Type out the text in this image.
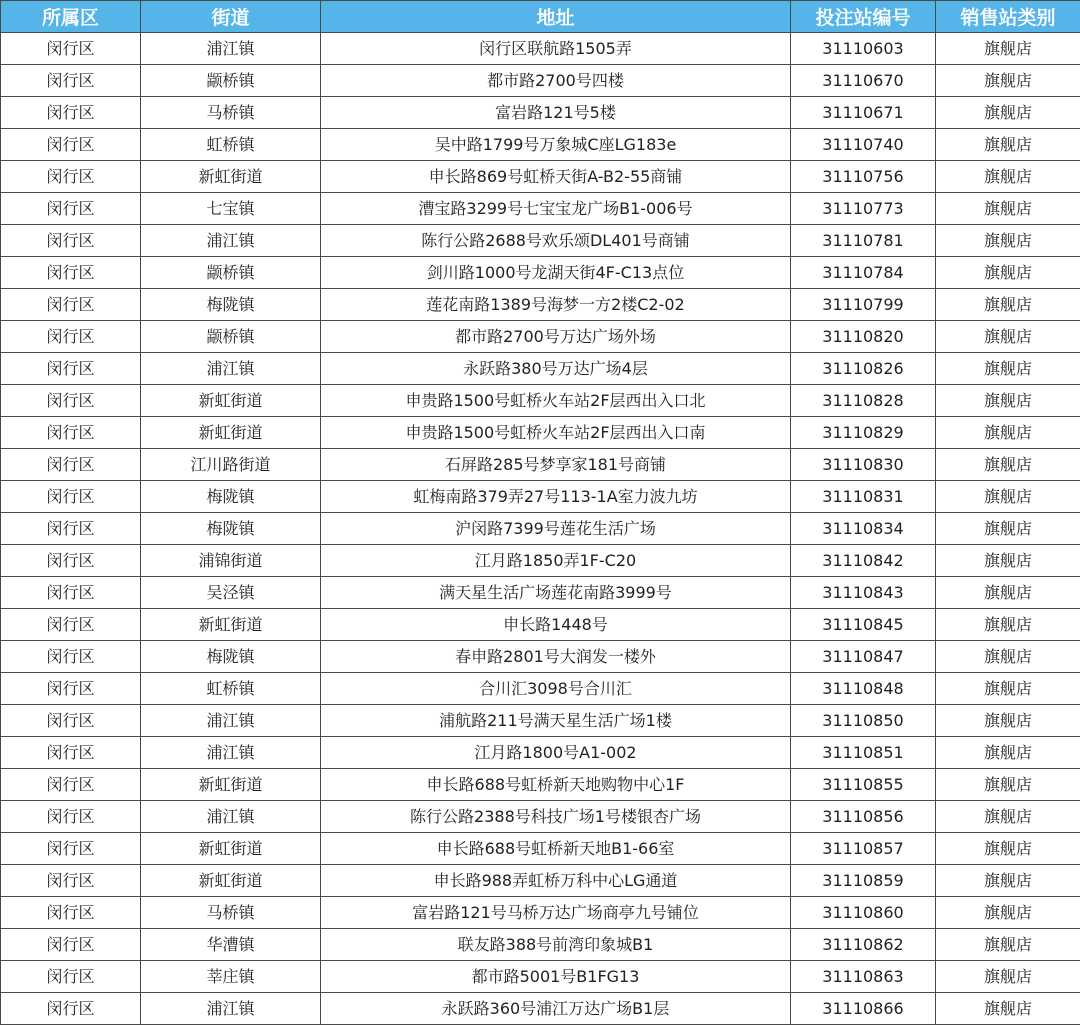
所属区	街道	地址	投注站编号	销售站类别
闵行区	浦江镇	闵行区联航路1505弄	31110603	旗舰店
闵行区	颛桥镇	都市路2700号四楼	31110670	旗舰店
闵行区	马桥镇	富岩路121号5楼	31110671	旗舰店
闵行区	虹桥镇	吴中路1799号万象城C座LG183e	31110740	旗舰店
闵行区	新虹街道	申长路869号虹桥天街A-B2-55商铺	31110756	旗舰店
闵行区	七宝镇	漕宝路3299号七宝宝龙广场B1-006号	31110773	旗舰店
闵行区	浦江镇	陈行公路2688号欢乐颂DL401号商铺	31110781	旗舰店
闵行区	颛桥镇	剑川路1000号龙湖天街4F-C13点位	31110784	旗舰店
闵行区	梅陇镇	莲花南路1389号海梦一方2楼C2-02	31110799	旗舰店
闵行区	颛桥镇	都市路2700号万达广场外场	31110820	旗舰店
闵行区	浦江镇	永跃路380号万达广场4层	31110826	旗舰店
闵行区	新虹街道	申贵路1500号虹桥火车站2F层西出入口北	31110828	旗舰店
闵行区	新虹街道	申贵路1500号虹桥火车站2F层西出入口南	31110829	旗舰店
闵行区	江川路街道	石屏路285号梦享家181号商铺	31110830	旗舰店
闵行区	梅陇镇	虹梅南路379弄27号113-1A室力波九坊	31110831	旗舰店
闵行区	梅陇镇	沪闵路7399号莲花生活广场	31110834	旗舰店
闵行区	浦锦街道	江月路1850弄1F-C20	31110842	旗舰店
闵行区	吴泾镇	满天星生活广场莲花南路3999号	31110843	旗舰店
闵行区	新虹街道	申长路1448号	31110845	旗舰店
闵行区	梅陇镇	春申路2801号大润发一楼外	31110847	旗舰店
闵行区	虹桥镇	合川汇3098号合川汇	31110848	旗舰店
闵行区	浦江镇	浦航路211号满天星生活广场1楼	31110850	旗舰店
闵行区	浦江镇	江月路1800号A1-002	31110851	旗舰店
闵行区	新虹街道	申长路688号虹桥新天地购物中心1F	31110855	旗舰店
闵行区	浦江镇	陈行公路2388号科技广场1号楼银杏广场	31110856	旗舰店
闵行区	新虹街道	申长路688号虹桥新天地B1-66室	31110857	旗舰店
闵行区	新虹街道	申长路988弄虹桥万科中心LG通道	31110859	旗舰店
闵行区	马桥镇	富岩路121号马桥万达广场商亭九号铺位	31110860	旗舰店
闵行区	华漕镇	联友路388号前湾印象城B1	31110862	旗舰店
闵行区	莘庄镇	都市路5001号B1FG13	31110863	旗舰店
闵行区	浦江镇	永跃路360号浦江万达广场B1层	31110866	旗舰店
